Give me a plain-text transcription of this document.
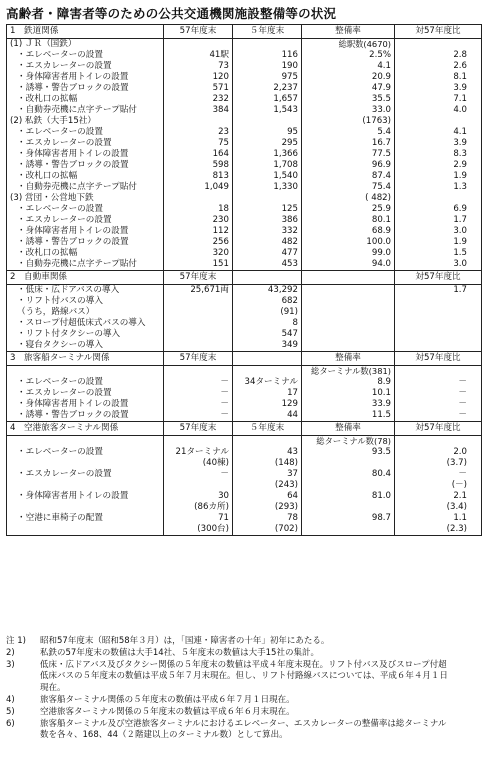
高齢者・障害者等のための公共交通機関施設整備等の状況
1　鉄道関係	57年度末	５年度末	整備率	対57年度比
(1) ＪＲ（国鉄）			総駅数(4670)	
・エレベーターの設置	41駅	116	2.5%	2.8
・エスカレーターの設置	73	190	4.1	2.6
・身体障害者用トイレの設置	120	975	20.9	8.1
・誘導・警告ブロックの設置	571	2,237	47.9	3.9
・改札口の拡幅	232	1,657	35.5	7.1
・自動券売機に点字テープ貼付	384	1,543	33.0	4.0
(2) 私鉄（大手15社）			(1763)	
・エレベーターの設置	23	95	5.4	4.1
・エスカレーターの設置	75	295	16.7	3.9
・身体障害者用トイレの設置	164	1,366	77.5	8.3
・誘導・警告ブロックの設置	598	1,708	96.9	2.9
・改札口の拡幅	813	1,540	87.4	1.9
・自動券売機に点字テープ貼付	1,049	1,330	75.4	1.3
(3) 営団・公営地下鉄			( 482)	
・エレベーターの設置	18	125	25.9	6.9
・エスカレーターの設置	230	386	80.1	1.7
・身体障害者用トイレの設置	112	332	68.9	3.0
・誘導・警告ブロックの設置	256	482	100.0	1.9
・改札口の拡幅	320	477	99.0	1.5
・自動券売機に点字テープ貼付	151	453	94.0	3.0
2　自動車関係	57年度末			対57年度比
・低床・広ドアバスの導入	25,671両	43,292		1.7
・リフト付バスの導入		682		
（うち，路線バス）		(91)		
・スロープ付超低床式バスの導入		8		
・リフト付タクシーの導入		547		
・寝台タクシーの導入		349		
3　旅客船ターミナル関係	57年度末		整備率	対57年度比
			総ターミナル数(381)	
・エレベーターの設置	－	34ターミナル	8.9	－
・エスカレーターの設置	－	17	10.1	－
・身体障害者用トイレの設置	－	129	33.9	－
・誘導・警告ブロックの設置	－	44	11.5	－
4　空港旅客ターミナル関係	57年度末	５年度末	整備率	対57年度比
			総ターミナル数(78)	
・エレベーターの設置	21ターミナル	43	93.5	2.0
	(40棟)	(148)		(3.7)
・エスカレーターの設置	－	37	80.4	－
		(243)		(－)
・身体障害者用トイレの設置	30	64	81.0	2.1
	(86カ所)	(293)		(3.4)
・空港に車椅子の配置	71	78	98.7	1.1
	(300台)	(702)		(2.3)
注 1)	昭和57年度末（昭和58年３月）は，「国連・障害者の十年」初年にあたる。
2)	私鉄の57年度末の数値は大手14社、５年度末の数値は大手15社の集計。
3)	低床・広ドアバス及びタクシー関係の５年度末の数値は平成４年度末現在。リフト付バス及びスロープ付超低床バスの５年度末の数値は平成５年７月末現在。但し、リフト付路線バスについては、平成６年４月１日現在。
4)	旅客船ターミナル関係の５年度末の数値は平成６年７月１日現在。
5)	空港旅客ターミナル関係の５年度末の数値は平成６年６月末現在。
6)	旅客船ターミナル及び空港旅客ターミナルにおけるエレベーター、エスカレーターの整備率は総ターミナル数を各々、168、44（２階建以上のターミナル数）として算出。
